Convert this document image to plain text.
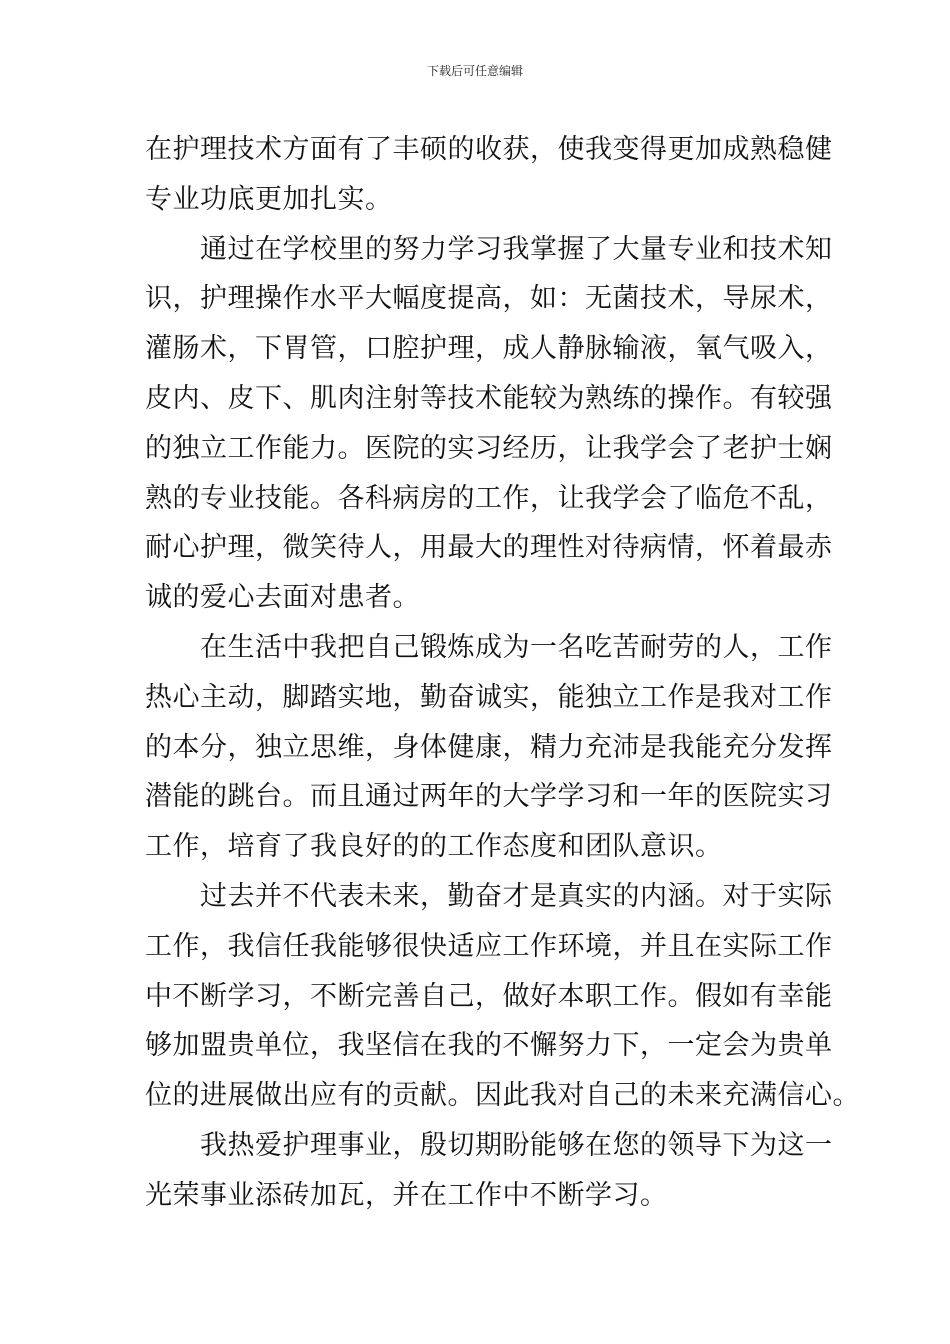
下载后可任意编辑

在护理技术方面有了丰硕的收获，使我变得更加成熟稳健
专业功底更加扎实。

通过在学校里的努力学习我掌握了大量专业和技术知
识，护理操作水平大幅度提高，如：无菌技术，导尿术，
灌肠术，下胃管，口腔护理，成人静脉输液，氧气吸入，
皮内、皮下、肌肉注射等技术能较为熟练的操作。有较强
的独立工作能力。医院的实习经历，让我学会了老护士娴
熟的专业技能。各科病房的工作，让我学会了临危不乱，
耐心护理，微笑待人，用最大的理性对待病情，怀着最赤
诚的爱心去面对患者。

在生活中我把自己锻炼成为一名吃苦耐劳的人，工作
热心主动，脚踏实地，勤奋诚实，能独立工作是我对工作
的本分，独立思维，身体健康，精力充沛是我能充分发挥
潜能的跳台。而且通过两年的大学学习和一年的医院实习
工作，培育了我良好的的工作态度和团队意识。

过去并不代表未来，勤奋才是真实的内涵。对于实际
工作，我信任我能够很快适应工作环境，并且在实际工作
中不断学习，不断完善自己，做好本职工作。假如有幸能
够加盟贵单位，我坚信在我的不懈努力下，一定会为贵单
位的进展做出应有的贡献。因此我对自己的未来充满信心。

我热爱护理事业，殷切期盼能够在您的领导下为这一
光荣事业添砖加瓦，并在工作中不断学习。
